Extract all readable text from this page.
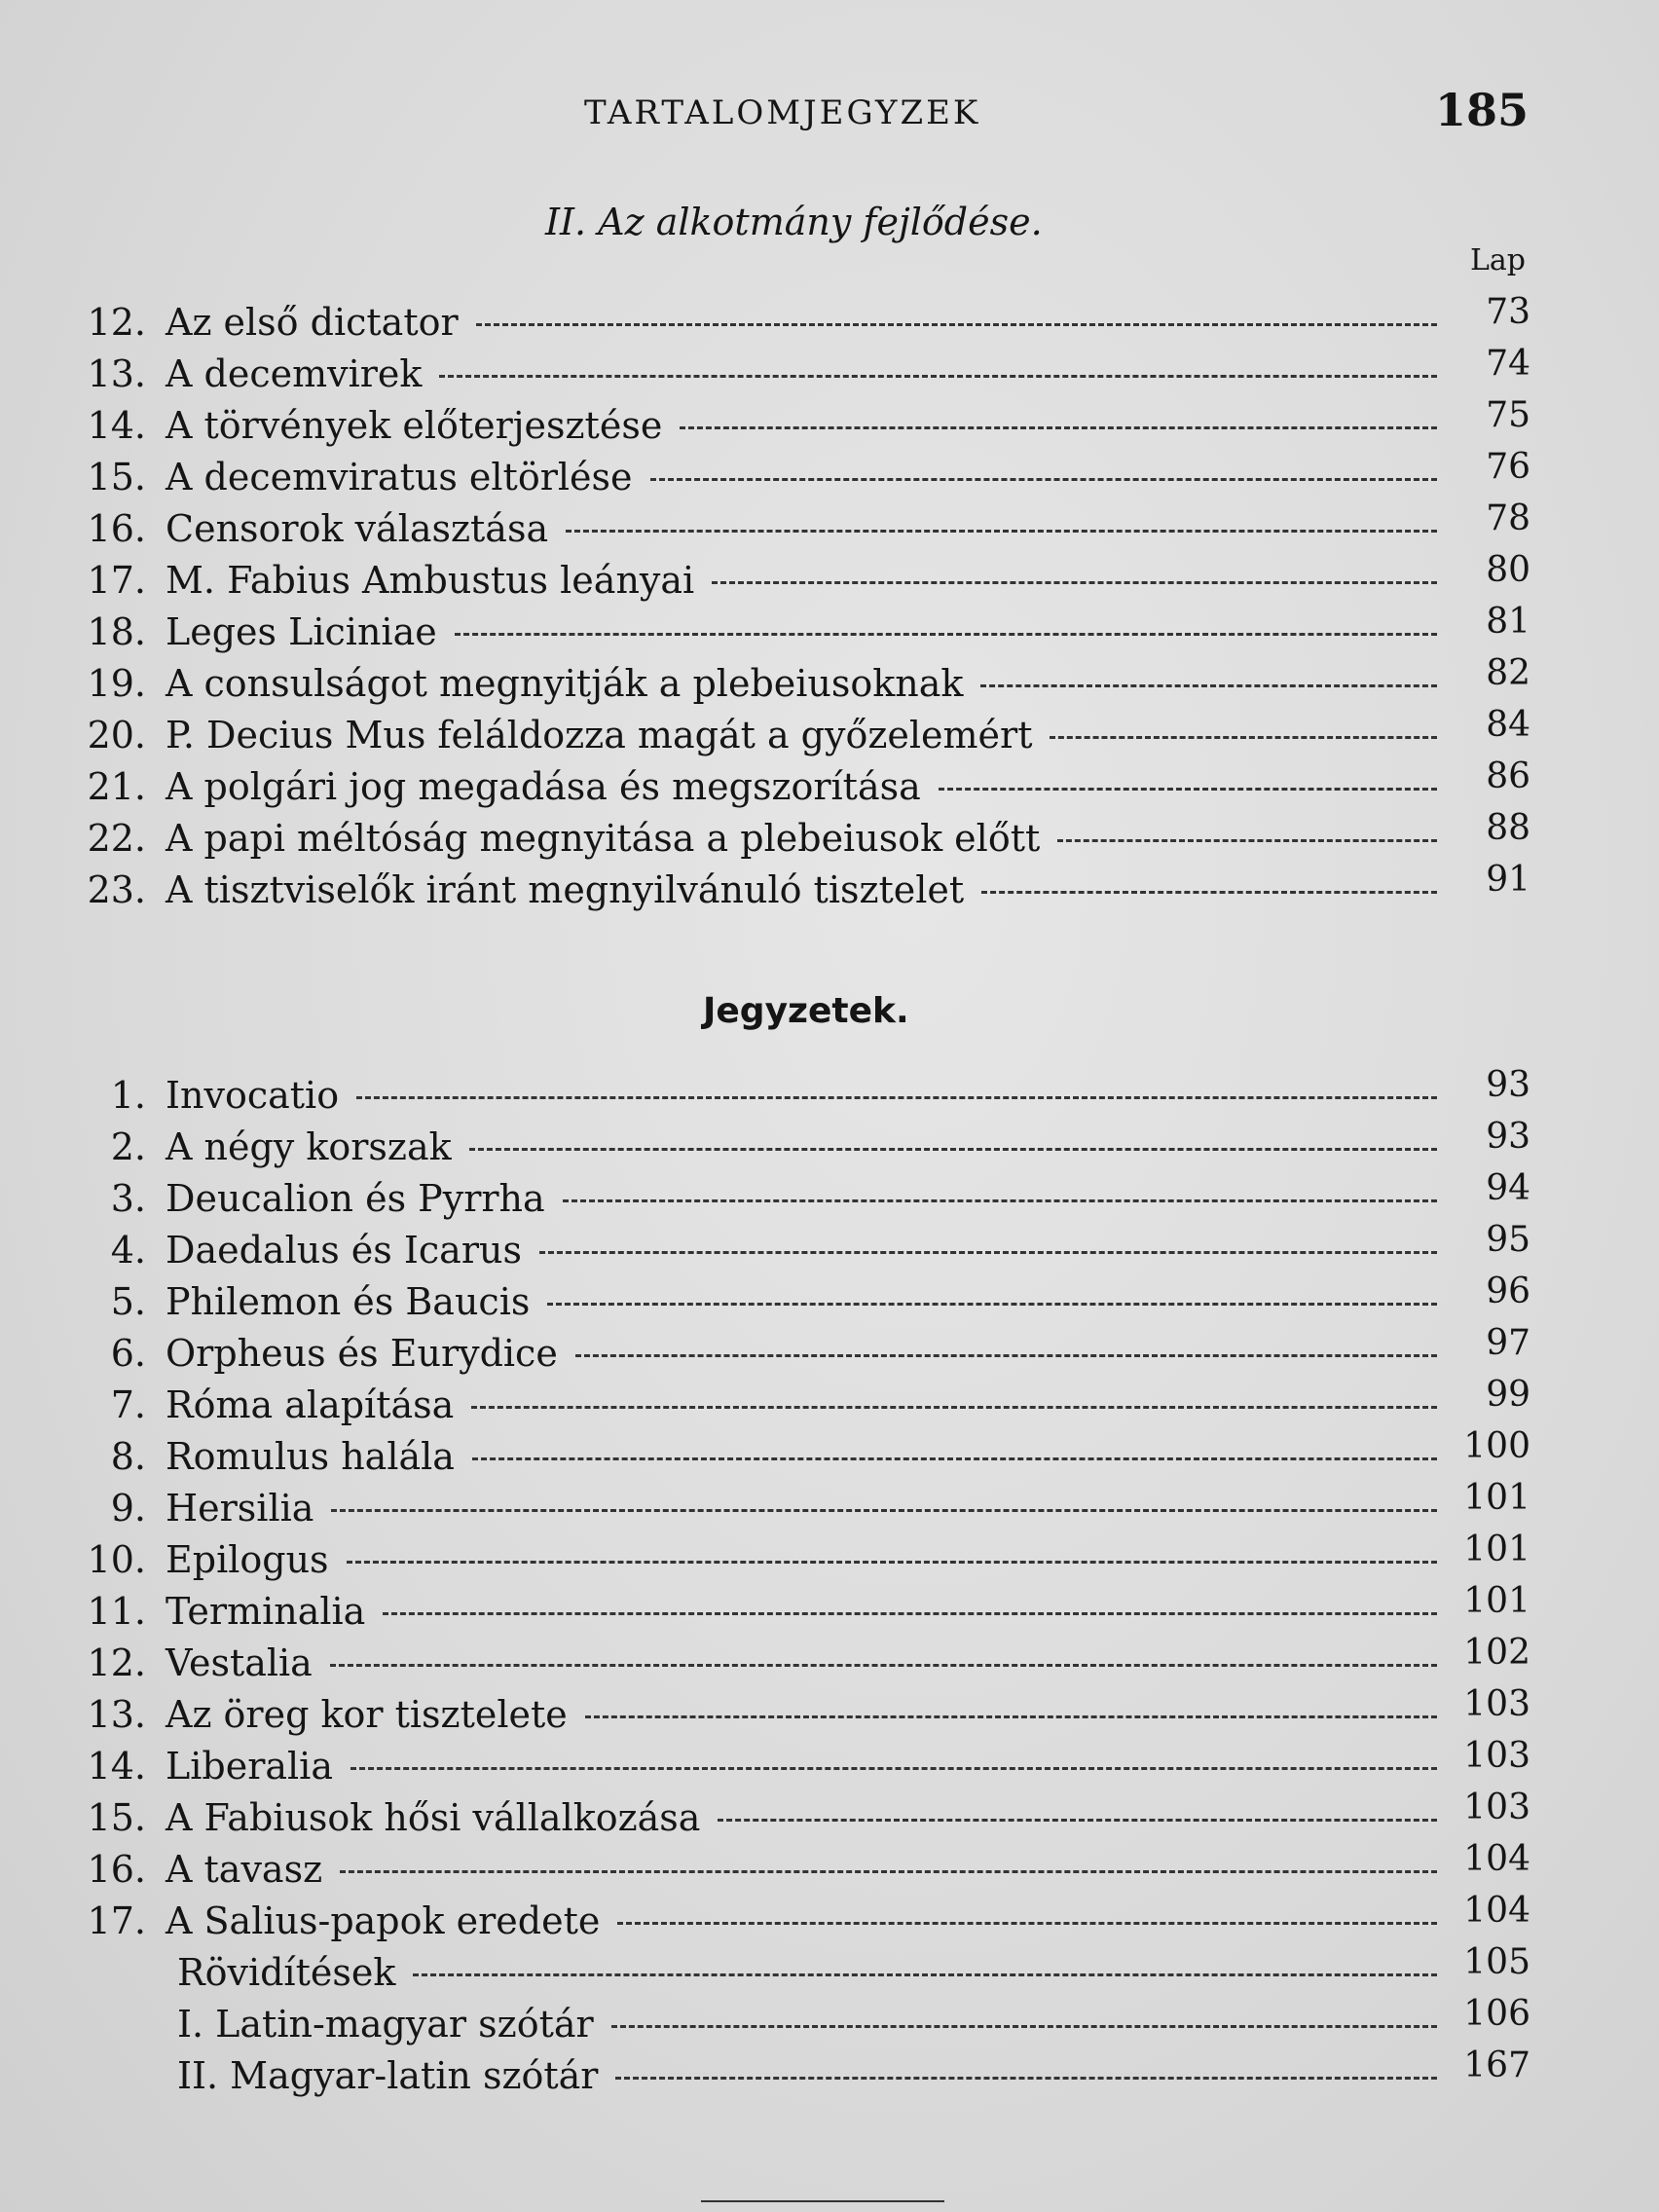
TARTALOMJEGYZEK	185
II. Az alkotmány fejlődése.
Lap
12. Az első dictator	73
13. A decemvirek	74
14. A törvények előterjesztése	75
15. A decemviratus eltörlése	76
16. Censorok választása	78
17. M. Fabius Ambustus leányai	80
18. Leges Liciniae	81
19. A consulságot megnyitják a plebeiusoknak	82
20. P. Decius Mus feláldozza magát a győzelemért	84
21. A polgári jog megadása és megszorítása	86
22. A papi méltóság megnyitása a plebeiusok előtt	88
23. A tisztviselők iránt megnyilvánuló tisztelet	91
Jegyzetek.
1. Invocatio	93
2. A négy korszak	93
3. Deucalion és Pyrrha	94
4. Daedalus és Icarus	95
5. Philemon és Baucis	96
6. Orpheus és Eurydice	97
7. Róma alapítása	99
8. Romulus halála	100
9. Hersilia	101
10. Epilogus	101
11. Terminalia	101
12. Vestalia	102
13. Az öreg kor tisztelete	103
14. Liberalia	103
15. A Fabiusok hősi vállalkozása	103
16. A tavasz	104
17. A Salius-papok eredete	104
Rövidítések	105
I. Latin-magyar szótár	106
II. Magyar-latin szótár	167
